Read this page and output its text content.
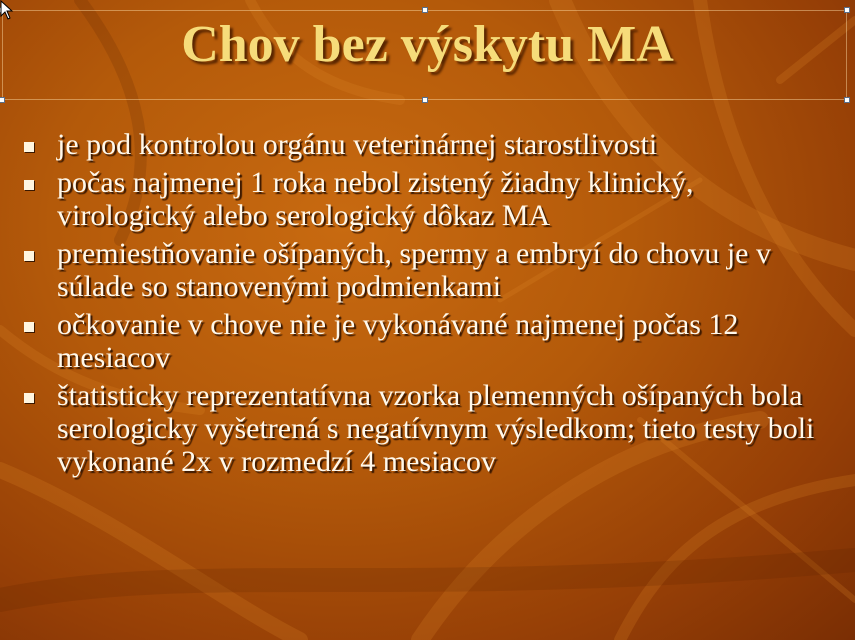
Chov bez výskytu MA
je pod kontrolou orgánu veterinárnej starostlivosti
počas najmenej 1 roka nebol zistený žiadny klinický, virologický alebo serologický dôkaz MA
premiestňovanie ošípaných, spermy a embryí do chovu je v súlade so stanovenými podmienkami
očkovanie v chove nie je vykonávané najmenej počas 12 mesiacov
štatisticky reprezentatívna vzorka plemenných ošípaných bola serologicky vyšetrená s negatívnym výsledkom; tieto testy boli vykonané 2x v rozmedzí 4 mesiacov
